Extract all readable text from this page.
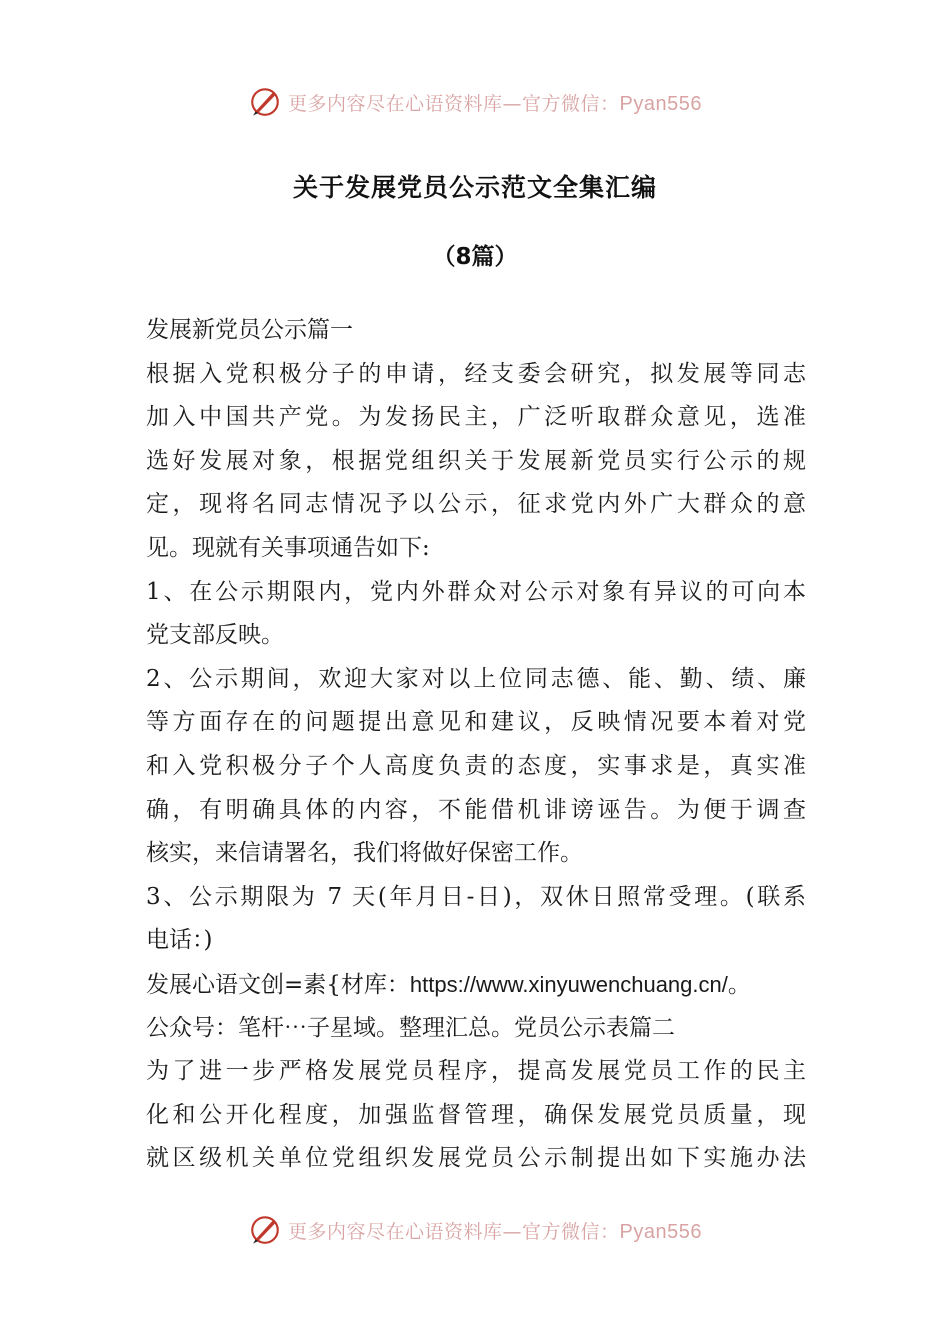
更多内容尽在心语资料库—官方微信：Pyan556
关于发展党员公示范文全集汇编
（8篇）
发展新党员公示篇一
根据入党积极分子的申请，经支委会研究，拟发展等同志
加入中国共产党。为发扬民主，广泛听取群众意见，选准
选好发展对象，根据党组织关于发展新党员实行公示的规
定，现将名同志情况予以公示，征求党内外广大群众的意
见。现就有关事项通告如下:
1、在公示期限内，党内外群众对公示对象有异议的可向本
党支部反映。
2、公示期间，欢迎大家对以上位同志德、能、勤、绩、廉
等方面存在的问题提出意见和建议，反映情况要本着对党
和入党积极分子个人高度负责的态度，实事求是，真实准
确，有明确具体的内容，不能借机诽谤诬告。为便于调查
核实，来信请署名，我们将做好保密工作。
3、公示期限为 7 天(年月日-日)，双休日照常受理。(联系
电话：)
发展心语文创=素{材库：https://www.xinyuwenchuang.cn/。
公众号：笔杆⋯子星域。整理汇总。党员公示表篇二
为了进一步严格发展党员程序，提高发展党员工作的民主
化和公开化程度，加强监督管理，确保发展党员质量，现
就区级机关单位党组织发展党员公示制提出如下实施办法
更多内容尽在心语资料库—官方微信：Pyan556
